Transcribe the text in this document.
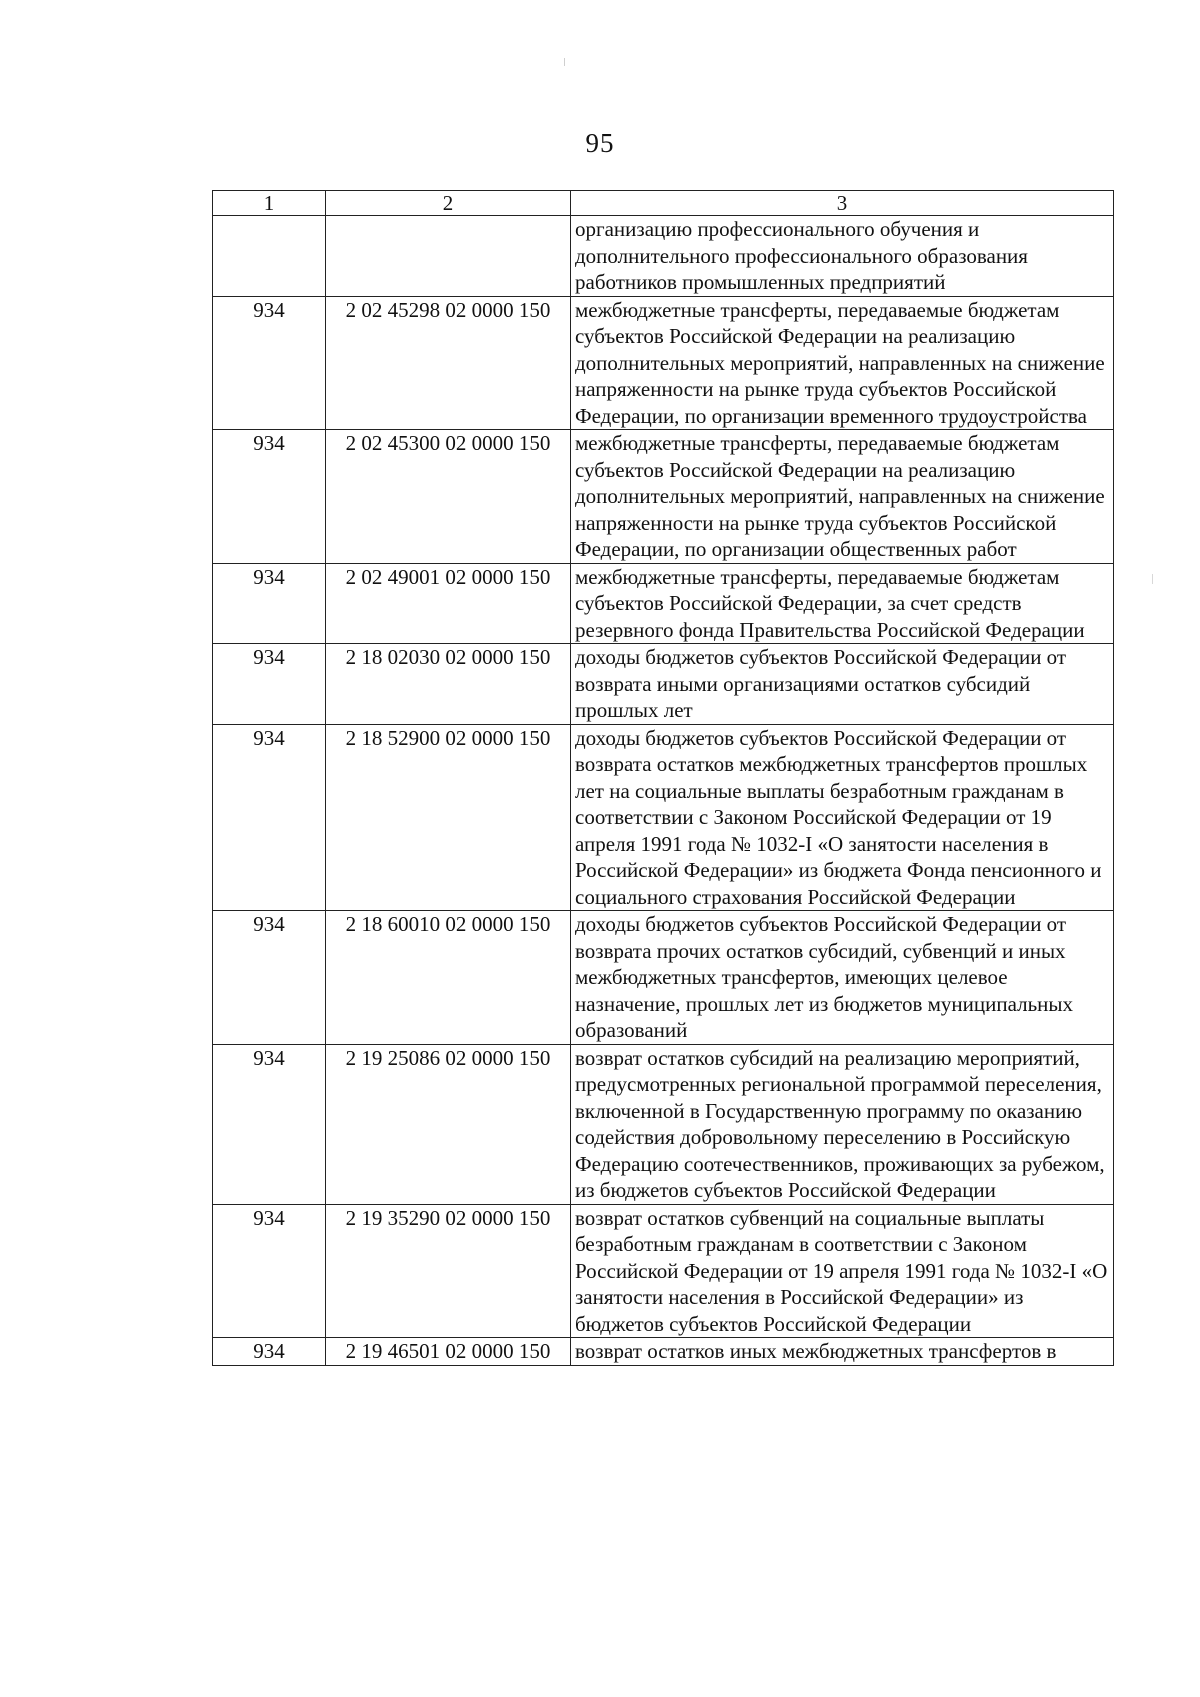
95
1	2	3
		организацию профессионального обучения и дополнительного профессионального образования работников промышленных предприятий
934	2 02 45298 02 0000 150	межбюджетные трансферты, передаваемые бюджетам субъектов Российской Федерации на реализацию дополнительных мероприятий, направленных на снижение напряженности на рынке труда субъектов Российской Федерации, по организации временного трудоустройства
934	2 02 45300 02 0000 150	межбюджетные трансферты, передаваемые бюджетам субъектов Российской Федерации на реализацию дополнительных мероприятий, направленных на снижение напряженности на рынке труда субъектов Российской Федерации, по организации общественных работ
934	2 02 49001 02 0000 150	межбюджетные трансферты, передаваемые бюджетам субъектов Российской Федерации, за счет средств резервного фонда Правительства Российской Федерации
934	2 18 02030 02 0000 150	доходы бюджетов субъектов Российской Федерации от возврата иными организациями остатков субсидий прошлых лет
934	2 18 52900 02 0000 150	доходы бюджетов субъектов Российской Федерации от возврата остатков межбюджетных трансфертов прошлых лет на социальные выплаты безработным гражданам в соответствии с Законом Российской Федерации от 19 апреля 1991 года № 1032-I «О занятости населения в Российской Федерации» из бюджета Фонда пенсионного и социального страхования Российской Федерации
934	2 18 60010 02 0000 150	доходы бюджетов субъектов Российской Федерации от возврата прочих остатков субсидий, субвенций и иных межбюджетных трансфертов, имеющих целевое назначение, прошлых лет из бюджетов муниципальных образований
934	2 19 25086 02 0000 150	возврат остатков субсидий на реализацию мероприятий, предусмотренных региональной программой переселения, включенной в Государственную программу по оказанию содействия добровольному переселению в Российскую Федерацию соотечественников, проживающих за рубежом, из бюджетов субъектов Российской Федерации
934	2 19 35290 02 0000 150	возврат остатков субвенций на социальные выплаты безработным гражданам в соответствии с Законом Российской Федерации от 19 апреля 1991 года № 1032-I «О занятости населения в Российской Федерации» из бюджетов субъектов Российской Федерации
934	2 19 46501 02 0000 150	возврат остатков иных межбюджетных трансфертов в
